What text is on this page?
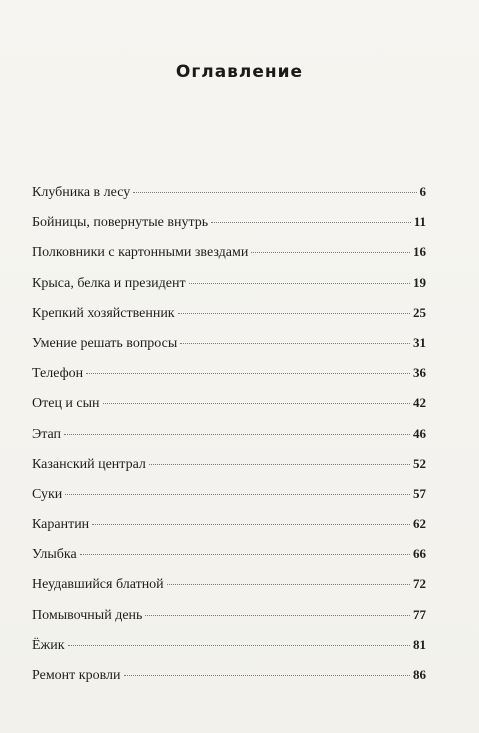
Оглавление
Клубника в лесу	6
Бойницы, повернутые внутрь	11
Полковники с картонными звездами	16
Крыса, белка и президент	19
Крепкий хозяйственник	25
Умение решать вопросы	31
Телефон	36
Отец и сын	42
Этап	46
Казанский централ	52
Суки	57
Карантин	62
Улыбка	66
Неудавшийся блатной	72
Помывочный день	77
Ёжик	81
Ремонт кровли	86
